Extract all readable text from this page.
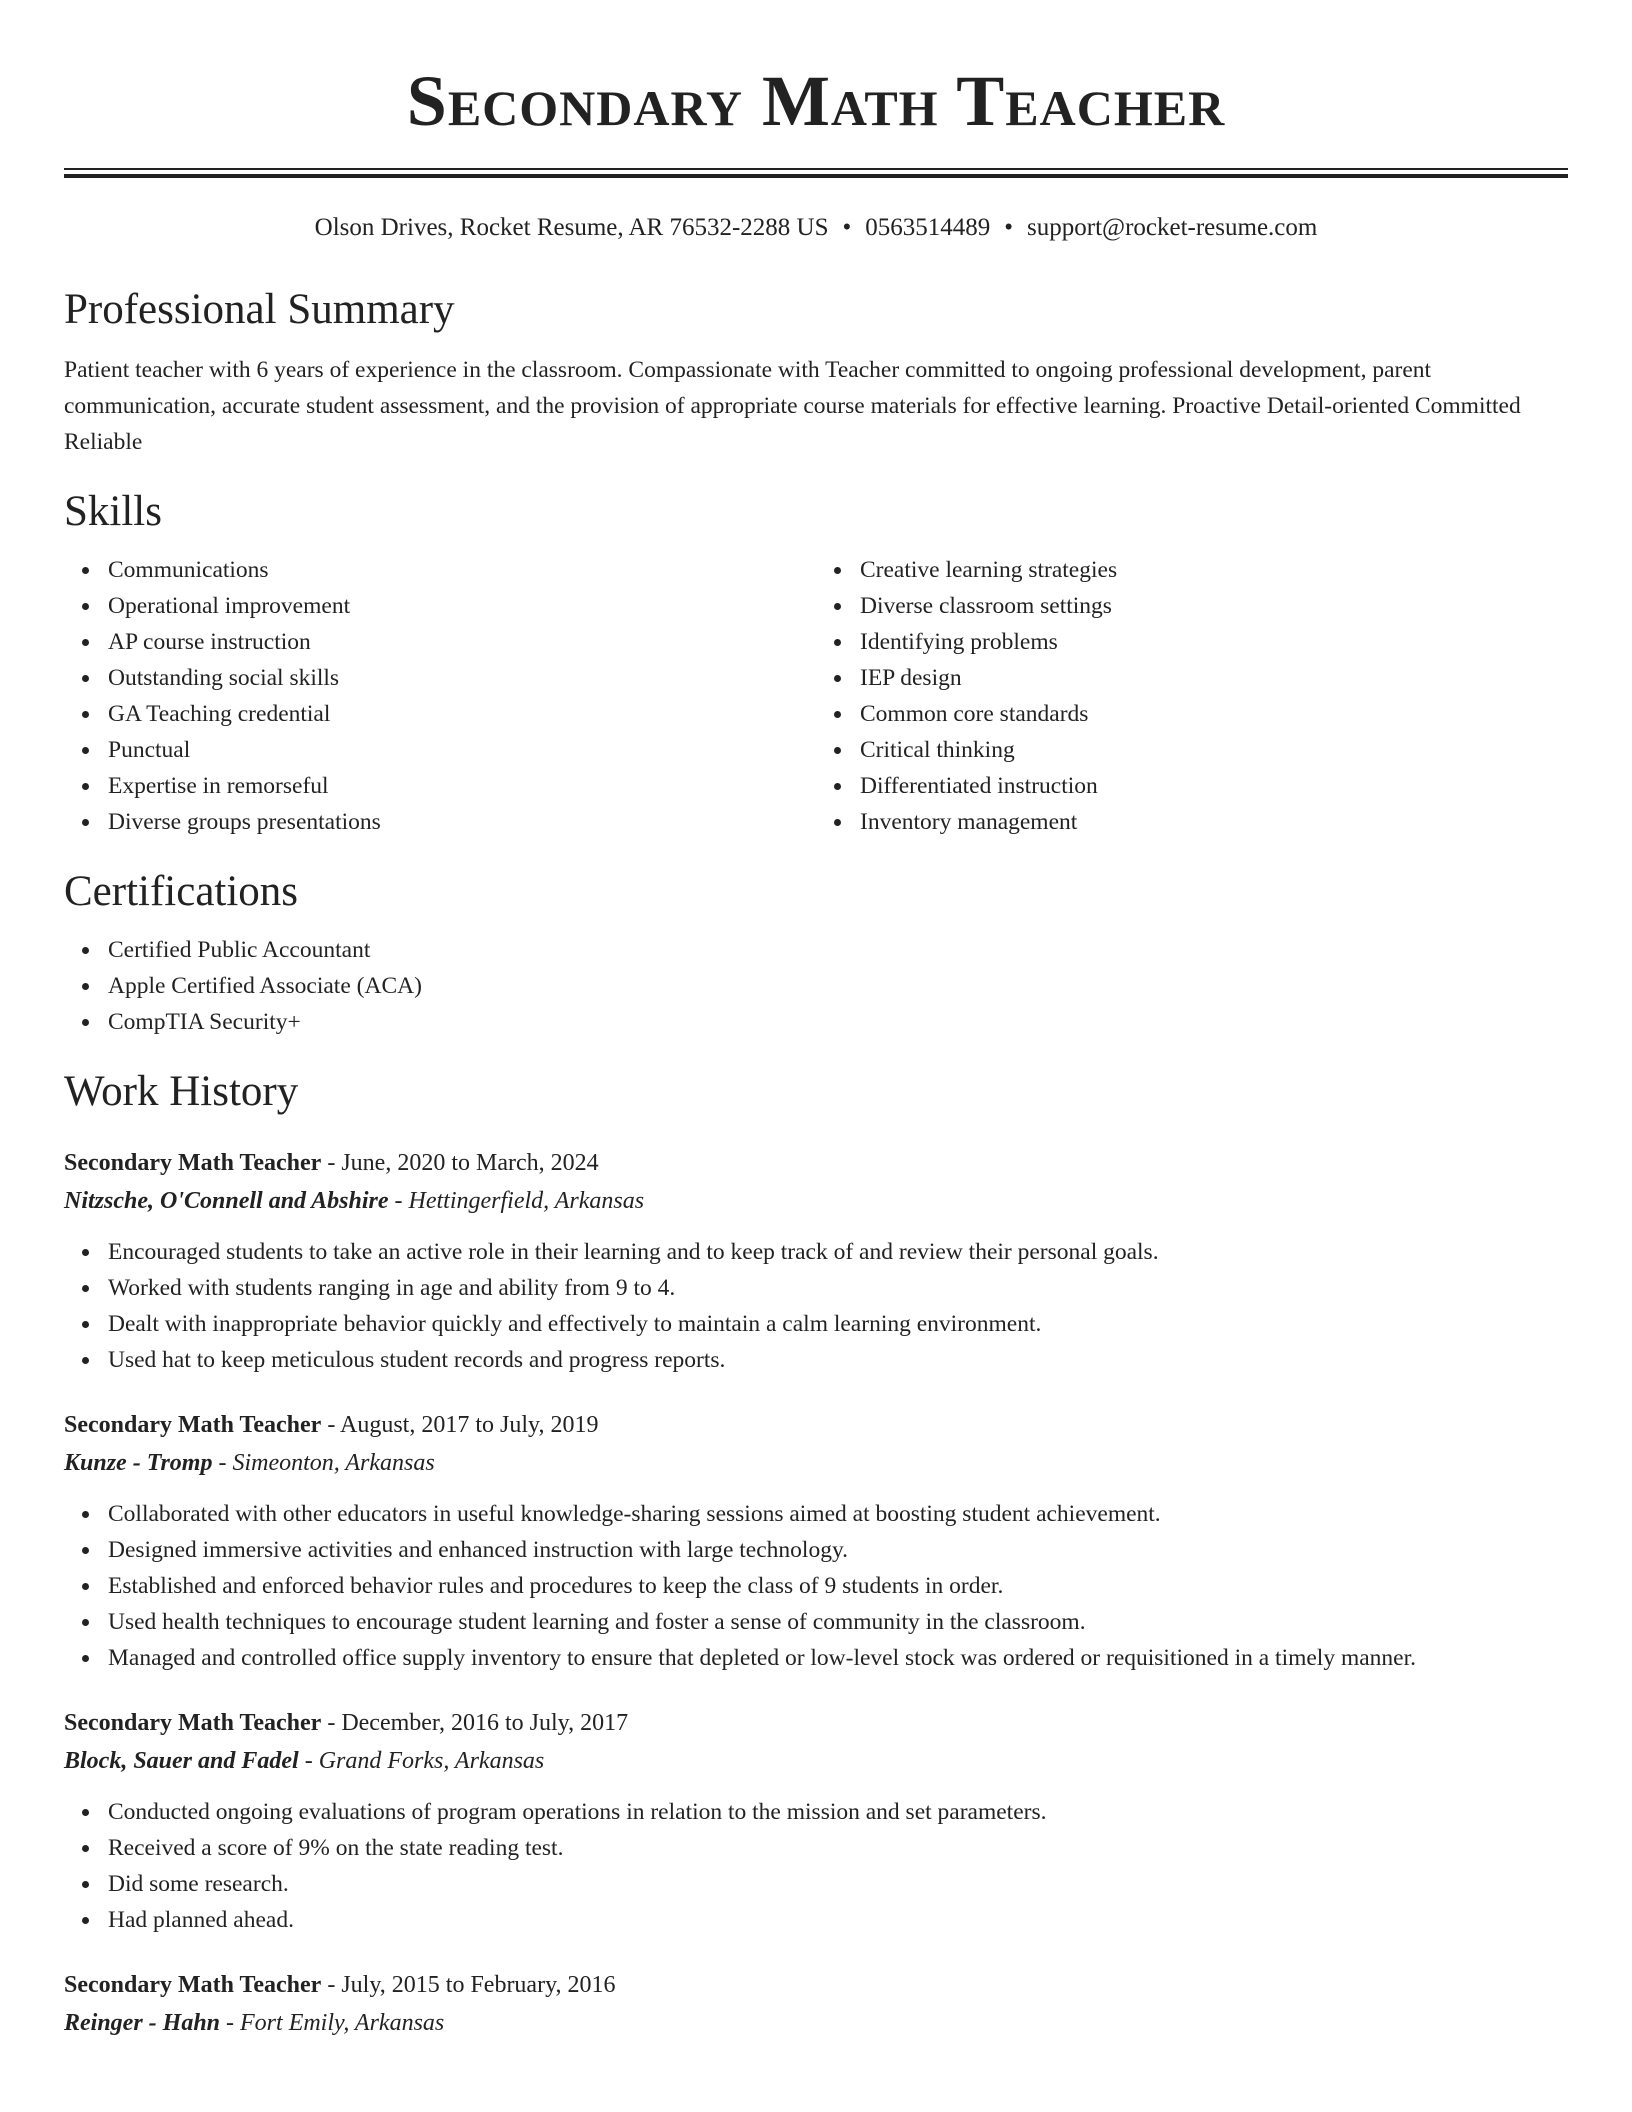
Secondary Math Teacher
Olson Drives, Rocket Resume, AR 76532-2288 US • 0563514489 • support@rocket-resume.com
Professional Summary

Patient teacher with 6 years of experience in the classroom. Compassionate with Teacher committed to ongoing professional development, parent communication, accurate student assessment, and the provision of appropriate course materials for effective learning. Proactive Detail-oriented Committed Reliable

Skills
Communications
Operational improvement
AP course instruction
Outstanding social skills
GA Teaching credential
Punctual
Expertise in remorseful
Diverse groups presentations
Creative learning strategies
Diverse classroom settings
Identifying problems
IEP design
Common core standards
Critical thinking
Differentiated instruction
Inventory management
Certifications
Certified Public Accountant
Apple Certified Associate (ACA)
CompTIA Security+
Work History
Secondary Math Teacher - June, 2020 to March, 2024
Nitzsche, O'Connell and Abshire - Hettingerfield, Arkansas
Encouraged students to take an active role in their learning and to keep track of and review their personal goals.
Worked with students ranging in age and ability from 9 to 4.
Dealt with inappropriate behavior quickly and effectively to maintain a calm learning environment.
Used hat to keep meticulous student records and progress reports.
Secondary Math Teacher - August, 2017 to July, 2019
Kunze - Tromp - Simeonton, Arkansas
Collaborated with other educators in useful knowledge-sharing sessions aimed at boosting student achievement.
Designed immersive activities and enhanced instruction with large technology.
Established and enforced behavior rules and procedures to keep the class of 9 students in order.
Used health techniques to encourage student learning and foster a sense of community in the classroom.
Managed and controlled office supply inventory to ensure that depleted or low-level stock was ordered or requisitioned in a timely manner.
Secondary Math Teacher - December, 2016 to July, 2017
Block, Sauer and Fadel - Grand Forks, Arkansas
Conducted ongoing evaluations of program operations in relation to the mission and set parameters.
Received a score of 9% on the state reading test.
Did some research.
Had planned ahead.
Secondary Math Teacher - July, 2015 to February, 2016
Reinger - Hahn - Fort Emily, Arkansas
